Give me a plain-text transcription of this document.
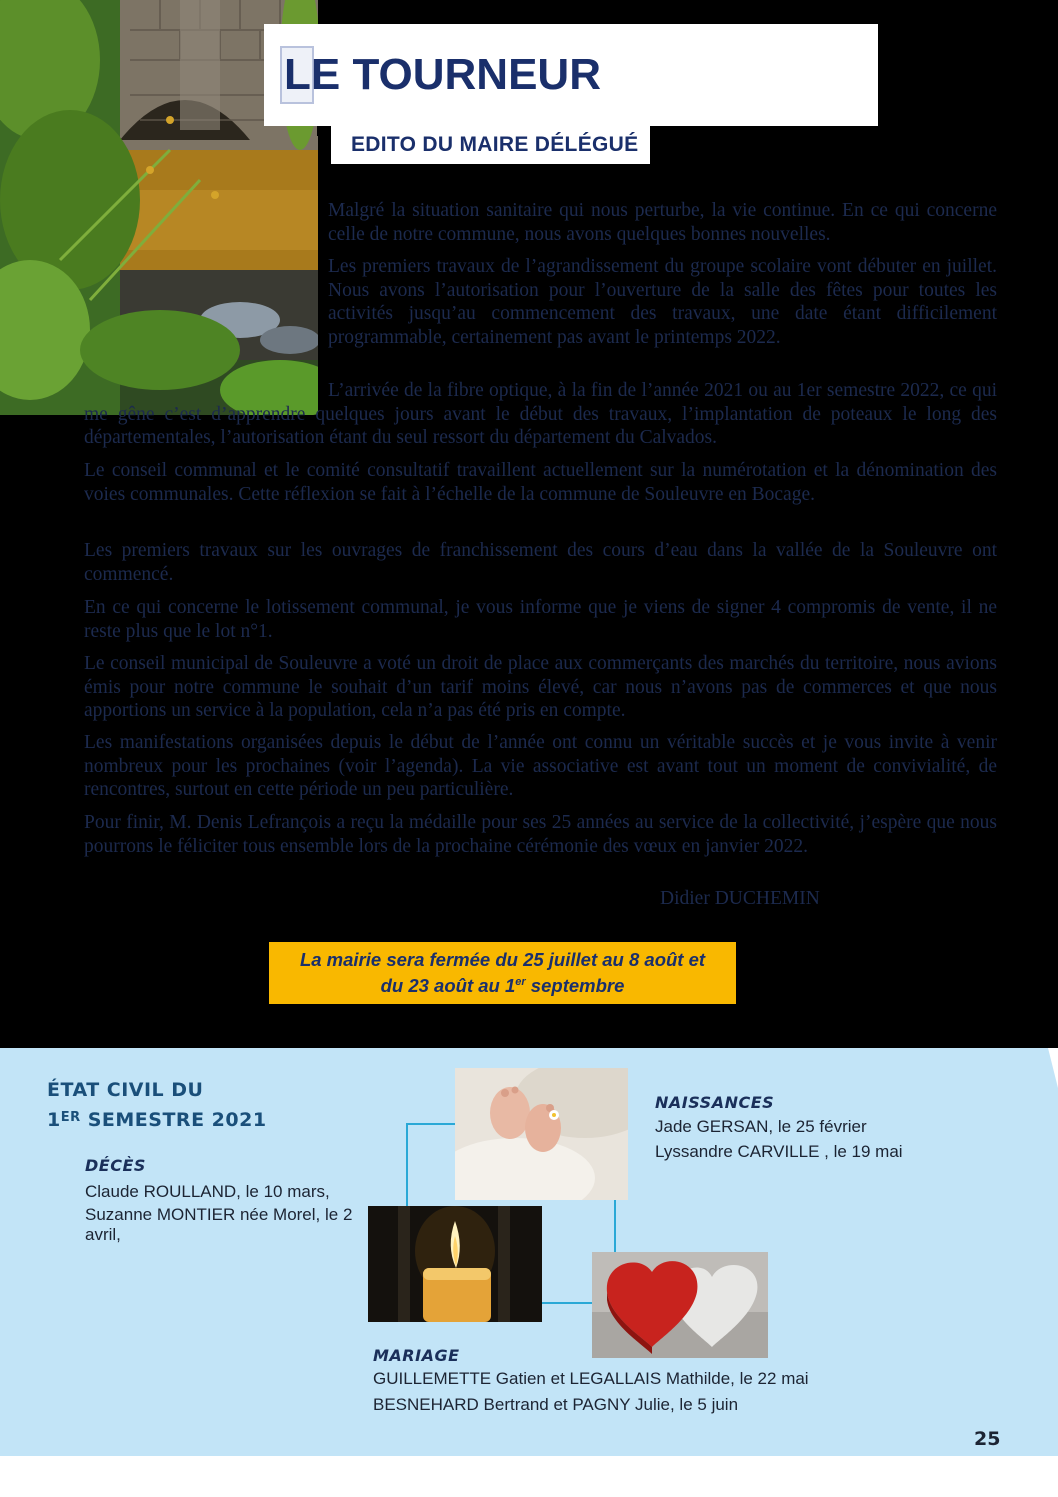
LE TOURNEUR
EDITO DU MAIRE DÉLÉGUÉ

Malgré la situation sanitaire qui nous perturbe, la vie continue. En ce qui concerne celle de notre commune, nous avons quelques bonnes nouvelles.

Les premiers travaux de l’agrandissement du groupe scolaire vont débuter en juillet. Nous avons l’autorisation pour l’ouverture de la salle des fêtes pour toutes les activités jusqu’au commencement des travaux, une date étant difficilement programmable, certainement pas avant le printemps 2022.

L’arrivée de la fibre optique, à la fin de l’année 2021 ou au 1er semestre 2022, ce qui me gêne c’est d’apprendre quelques jours avant le début des travaux, l’implantation de poteaux le long des départementales, l’autorisation étant du seul ressort du département du Calvados.

Le conseil communal et le comité consultatif travaillent actuellement sur la numérotation et la dénomination des voies communales. Cette réflexion se fait à l’échelle de la commune de Souleuvre en Bocage.

Les premiers travaux sur les ouvrages de franchissement des cours d’eau dans la vallée de la Souleuvre ont commencé.

En ce qui concerne le lotissement communal, je vous informe que je viens de signer 4 compromis de vente, il ne reste plus que le lot n°1.

Le conseil municipal de Souleuvre a voté un droit de place aux commerçants des marchés du territoire, nous avions émis pour notre commune le souhait d’un tarif moins élevé, car nous n’avons pas de commerces et que nous apportions un service à la population, cela n’a pas été pris en compte.

Les manifestations organisées depuis le début de l’année ont connu un véritable succès et je vous invite à venir nombreux pour les prochaines (voir l’agenda). La vie associative est avant tout un moment de convivialité, de rencontres, surtout en cette période un peu particulière.

Pour finir, M. Denis Lefrançois a reçu la médaille pour ses 25 années au service de la collectivité, j’espère que nous pourrons le féliciter tous ensemble lors de la prochaine cérémonie des vœux en janvier 2022.

Didier DUCHEMIN

La mairie sera fermée du 25 juillet au 8 août et
du 23 août au 1er septembre
ÉTAT CIVIL DU
1ER SEMESTRE 2021
NAISSANCES
Jade GERSAN, le 25 février
Lyssandre CARVILLE , le 19 mai
DÉCÈS
Claude ROULLAND, le 10 mars,
Suzanne MONTIER née Morel, le 2 avril,
MARIAGE
GUILLEMETTE Gatien et LEGALLAIS Mathilde, le 22 mai
BESNEHARD Bertrand et PAGNY Julie, le 5 juin
25
